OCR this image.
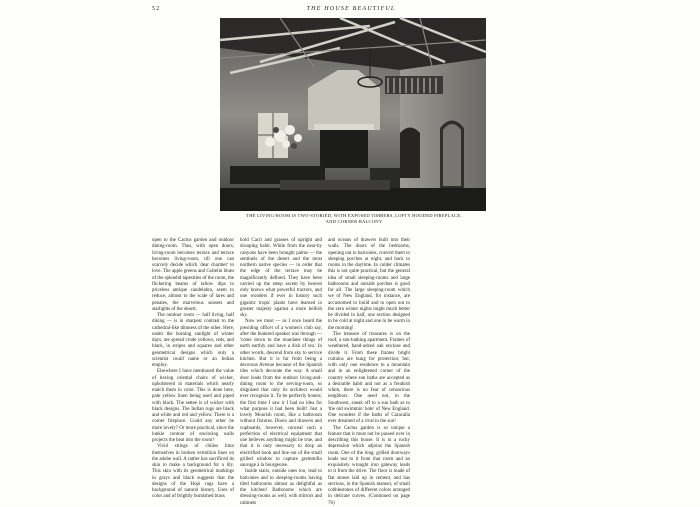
52	THE HOUSE BEAUTIFUL
THE LIVING-ROOM IS TWO-STORIED, WITH EXPOSED TIMBERS, LOFTY HOODED FIREPLACE,
AND CORNER BALCONY

open to the Cactus garden and outdoor dining-room. Thus, with open doors, living-room becomes terrace and terrace becomes living-room, till one can scarcely decide which 'dear charmer' to love. The apple greens and Gobelin blues of the splendid tapestries of the room, the flickering beams of tallow dips in priceless antique candelabra, seem to reduce, almost to the scale of lares and penates, the marvelous sunsets and starlights of the desert.

The outdoor room — half living, half dining — is in sharpest contrast to the cathedral-like dimness of the other. Here, under the burning sunlight of winter days, are spread crude yellows, reds, and black, in stripes and squares and other geometrical designs which only a scientist could name or an Indian employ.

Elsewhere I have mentioned the value of having oriental chairs of wicker, upholstered in materials which nearly match them in color. This is done here, pale yellow linen being used and piped with black. The settee is of wicker with black designs. The Indian rugs are black and white and red and yellow. There is a corner fireplace. Could any other be more lovely? Or more practical, since the lunkie contour of enclosing walls projects the heat into the room?

Vivid strings of chilies limn themselves in broken vermilion lines on the adobe wall. A rattler has sacrificed its skin to make a background for a lily. This skin with its geometrical markings in grays and black suggests that the designs of the Hopi rugs have a background of natural history. Uses of color and of brightly burnished brass

hold Cacti and grasses of upright and drooping habit. While from the near-by canyons have been brought palms — the sentinels of the desert and the most northern native species — in order that the edge of the terrace may be magnificently defined. They have been carried up the steep ascent by heaven only knows what powerful tractors, and one wonders if ever in history such gigantic tropic plants have learned in greater majesty against a more hellish sky.

Now we must — as I once heard the presiding officer of a women's club say, after the featured speaker was through — 'come down to the mundane things of earth earthly and have a dish of tea.' In other words, descend from sky to service kitchen. But it is far from being a decorous Avenue because of the Spanish tiles which decorate the way. A small door leads from the outdoor living-and-dining room to the serving-room, so disguised that only its architect would ever recognize it. To be perfectly honest, the first time I saw it I had no idea for what purpose it had been built! Just a lovely Moorish room, like a bathroom without fixtures. Doors and drawers and cupboards, however, conceal such a perfection of electrical equipment that one believes anything might be true, and that it is only necessary to drop an electrified hook and line out of the small grilled window to capture gremmillo sauvage à la bourgeoise.

Inside stairs, outside ones too, lead to balconies and to sleeping-rooms having tiled bathrooms almost as delightful as the kitchen! Bathrooms which are dressing-rooms as well, with mirrors and cabinets

and oceans of drawers built into their walls. The doors of the bedrooms, opening out to balconies, convert them to sleeping porches at night, and back to rooms in the daytime. In colder climates this is not quite practical, but the general idea of small sleeping-rooms and large bathrooms and outside porches is good for all. The large sleeping-room which we of New England, for instance, are accustomed to build and to open out to the zero winter nights might much better be divided in half, one section designed to be cold at night and one to be warm in the morning!

The treasure of treasures is on the roof, a sun-bathing apartment. Frames of weathered, hand-adzed oak enclose and divide it. From these frames bright curtains are hung for protection; but, with only one residence to a mountain and in an enlightened corner of the country where sun baths are accepted as a desirable habit and not as a freakish whim, there is no fear of censorious neighbors. One need not, in the Southwest, sneak off to a sun bath as to 'the old swimmin' hole' of New England. One wonders if the baths of Caracalla ever dreamed of a rival in the sun!

The Cactus garden is so unique a feature that it must not be passed over in describing this house. It is in a rocky depression which adjoins the Spanish room. One of the long, grilled doorways leads out to it from that room and an exquisitely wrought iron gateway leads to it from the drive. The floor is made of flat stones laid up in cement, and has sections, in the Spanish manner, of small cobblestones of different colors arranged in delicate curves. (Continued on page 76)
